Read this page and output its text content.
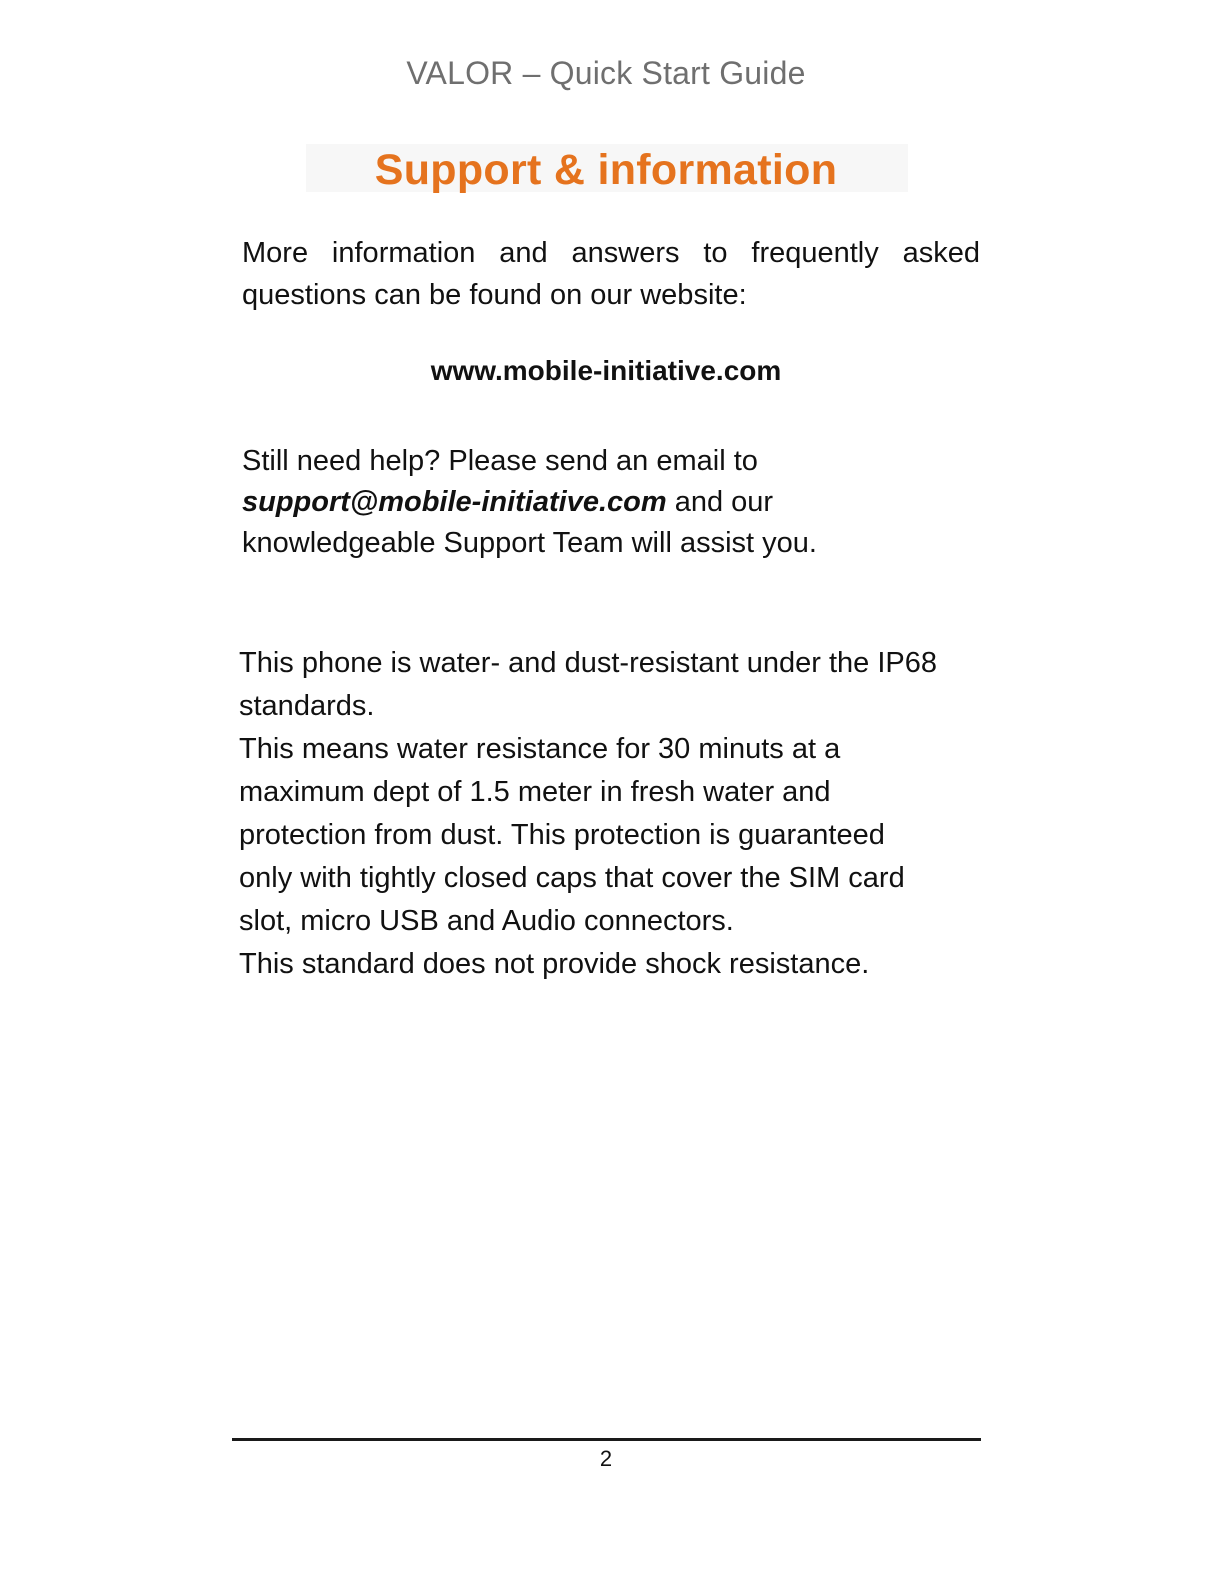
VALOR – Quick Start Guide
Support & information
More information and answers to frequently asked
questions can be found on our website:
www.mobile-initiative.com
Still need help? Please send an email to
support@mobile-initiative.com and our
knowledgeable Support Team will assist you.
This phone is water- and dust-resistant under the IP68
standards.
This means water resistance for 30 minuts at a
maximum dept of 1.5 meter in fresh water and
protection from dust. This protection is guaranteed
only with tightly closed caps that cover the SIM card
slot, micro USB and Audio connectors.
This standard does not provide shock resistance.
2
